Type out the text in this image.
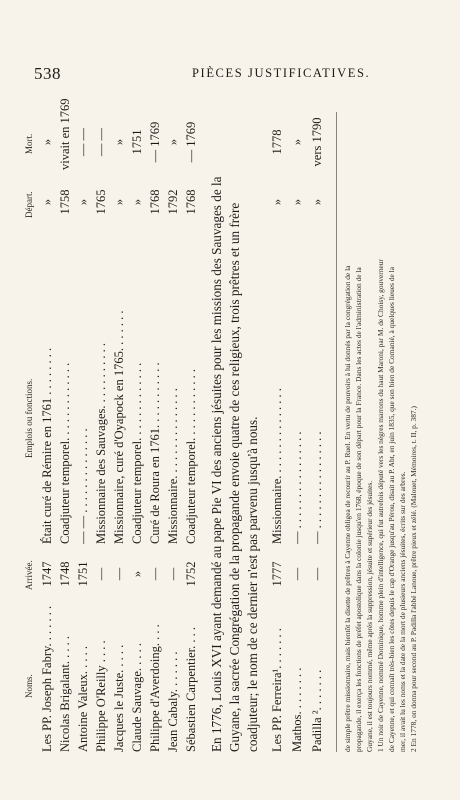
538	PIÈCES JUSTIFICATIVES.
Noms.
Arrivée.
Emplois ou fonctions.
Départ.
Mort.
Les PP. Joseph Fabry. . . . . . .
1747
Était curé de Rémire en 1761 . . . . . . . .
»
»
Nicolas Brigalant. . . . .
1748
Coadjuteur temporel. . . . . . . . . . . . .
1758
vivait en 1769
Antoine Valeux. . . . .
1751
— — . . . . . . . . . . . . . .
»
— —
Philippe O'Reilly . . . .
—
Missionnaire des Sauvages. . . . . . . . . . .
1765
— —
Jacques le Juste. . . . .
—
Missionnaire, curé d'Oyapock en 1765. . . . . . .
»
»
Claude Sauvage. . . . .
»
Coadjuteur temporel. . . . . . . . . . . . .
»
1751
Philippe d'Averdoing. . . .
—
Curé de Roura en 1761. . . . . . . . . . .
1768
— 1769
Jean Cabaly. . . . . . .
—
Missionnaire. . . . . . . . . . . . . . .
1792
»
Sébastien Carpentier. . . .
1752
Coadjuteur temporel. . . . . . . . . . . .
1768
— 1769
En 1776, Louis XVI ayant demandé au pape Pie VI des anciens jésuites pour les missions des Sauvages de la Guyane, la sacrée Congrégation de la propagande envoie quatre de ces religieux, trois prêtres et un frère coadjuteur; le nom de ce dernier n'est pas parvenu jusqu'à nous. Les PP. Ferreira¹. . . . . . .
1777
Missionnaire. . . . . . . . . . . . . . .
»
1778
Mathos. . . . . . . .
—
— . . . . . . . . . . . . . . . .
»
»
Padilla ². . . . . . .
—
— . . . . . . . . . . . . . . . .
»
vers 1790
de simple prêtre missionnaire, mais bientôt la disette de prêtres à Cayenne obligea de recourir au P. Ruel. En vertu de pouvoirs à lui donnés par la congrégation de la propagande, il exerça les fonctions de préfet apostolique dans la colonie jusqu'en 1768, époque de son départ pour la France. Dans les actes de l'administration de la Guyane, il est toujours nommé, même après la suppression, jésuite et supérieur des jésuites. 1 Un noir de Cayenne, nommé Dominique, homme plein d'intelligence, qui fut autrefois député vers les nègres marrons du haut Maroni, par M. de Choisy, gouverneur de Cayenne, et qui connaît très-bien les côtes depuis le cap d'Orange jusqu'au Pérou, disait au P. Abt, en juin 1835, que son bien de Comanié, à quelques lieues de la mer, il avait lu les noms et la date de la mort de plusieurs anciens jésuites, écrits sur des arbres. 2 En 1778, on donna pour second au P. Padilla l'abbé Lanoue, prêtre pieux et zélé. (Malouet, Mémoires, t. II, p. 387.)
